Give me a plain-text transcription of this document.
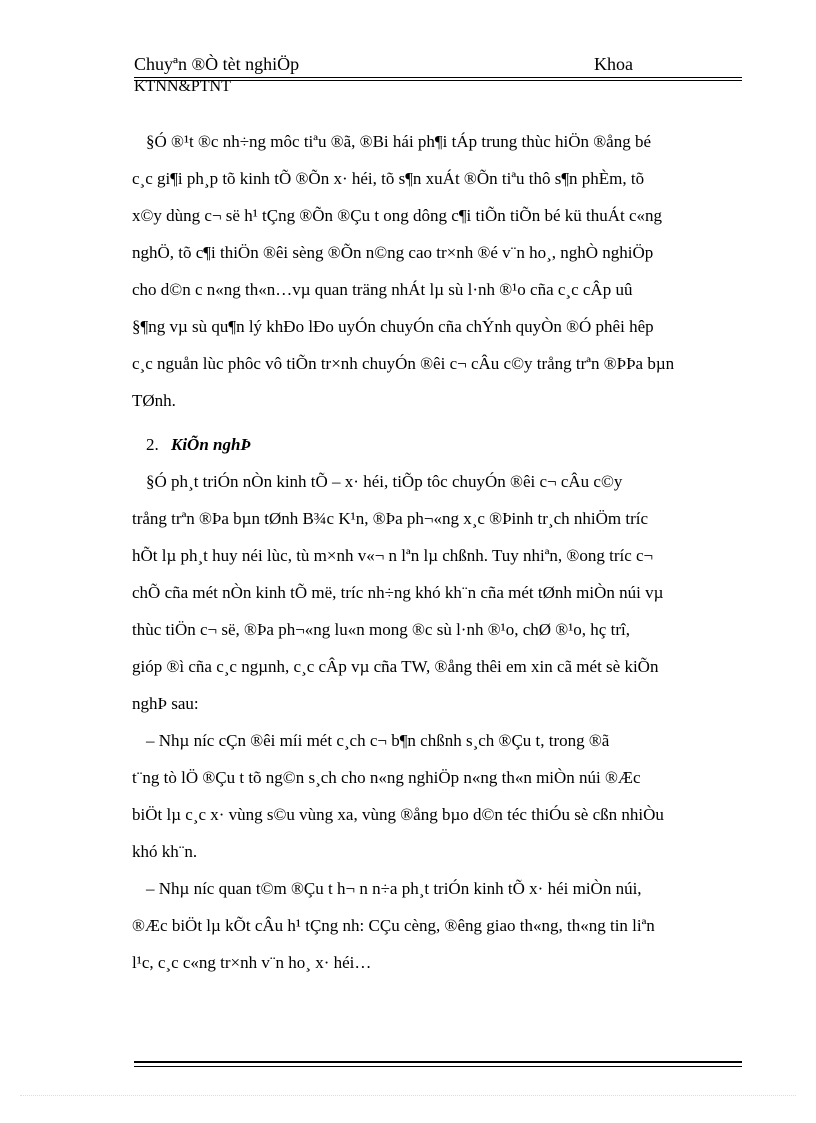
Chuyªn ®Ò tèt nghiÖp	Khoa
KTNN&PTNT
§Ó ®¹t ®c nh÷ng môc tiªu ®ã, ®Bi hái ph¶i tÁp trung thùc hiÖn ®ång bé
c¸c gi¶i ph¸p tõ kinh tÕ ®Õn x· héi, tõ s¶n xuÁt ®Õn tiªu thô s¶n phÈm, tõ
x©y dùng c¬ së h¹ tÇng ®Õn ®Çu t ong dông c¶i tiÕn tiÕn bé kü thuÁt c«ng
nghÖ, tõ c¶i thiÖn ®êi sèng ®Õn n©ng cao tr×nh ®é v¨n ho¸, nghÒ nghiÖp
cho d©n c n«ng th«n…vµ quan träng nhÁt lµ sù l·nh ®¹o cña c¸c cÂp uû
§¶ng vµ sù qu¶n lý khÐo lÐo uyÓn chuyÓn cña chÝnh quyÒn ®Ó phêi hêp
c¸c nguån lùc phôc vô tiÕn tr×nh chuyÓn ®êi c¬ cÂu c©y trång trªn ®ÞÞa bµn
TØnh.
2. KiÕn nghÞ
§Ó ph¸t triÓn nÒn kinh tÕ – x· héi, tiÕp tôc chuyÓn ®êi c¬ cÂu c©y
trång trªn ®Þa bµn tØnh B¾c K¹n, ®Þa ph¬«ng x¸c ®Þinh tr¸ch nhiÖm tríc
hÕt lµ ph¸t huy néi lùc, tù m×nh v«¬ n lªn lµ chßnh. Tuy nhiªn, ®ong tríc c¬
chÕ cña mét nÒn kinh tÕ më, tríc nh÷ng khó kh¨n cña mét tØnh miÒn núi vµ
thùc tiÖn c¬ së, ®Þa ph¬«ng lu«n mong ®c sù l·nh ®¹o, chØ ®¹o, hç trî,
gióp ®ì cña c¸c ngµnh, c¸c cÂp vµ cña TW, ®ång thêi em xin cã mét sè kiÕn
nghÞ sau:
– Nhµ níc cÇn ®êi míi mét c¸ch c¬ b¶n chßnh s¸ch ®Çu t, trong ®ã
t¨ng tò lÖ ®Çu t tõ ng©n s¸ch cho n«ng nghiÖp n«ng th«n miÒn núi ®Æc
biÖt lµ c¸c x· vùng s©u vùng xa, vùng ®ång bµo d©n téc thiÓu sè cßn nhiÒu
khó kh¨n.
– Nhµ níc quan t©m ®Çu t h¬ n n÷a ph¸t triÓn kinh tÕ x· héi miÒn núi,
®Æc biÖt lµ kÕt cÂu h¹ tÇng nh: CÇu cèng, ®êng giao th«ng, th«ng tin liªn
l¹c, c¸c c«ng tr×nh v¨n ho¸ x· héi…
